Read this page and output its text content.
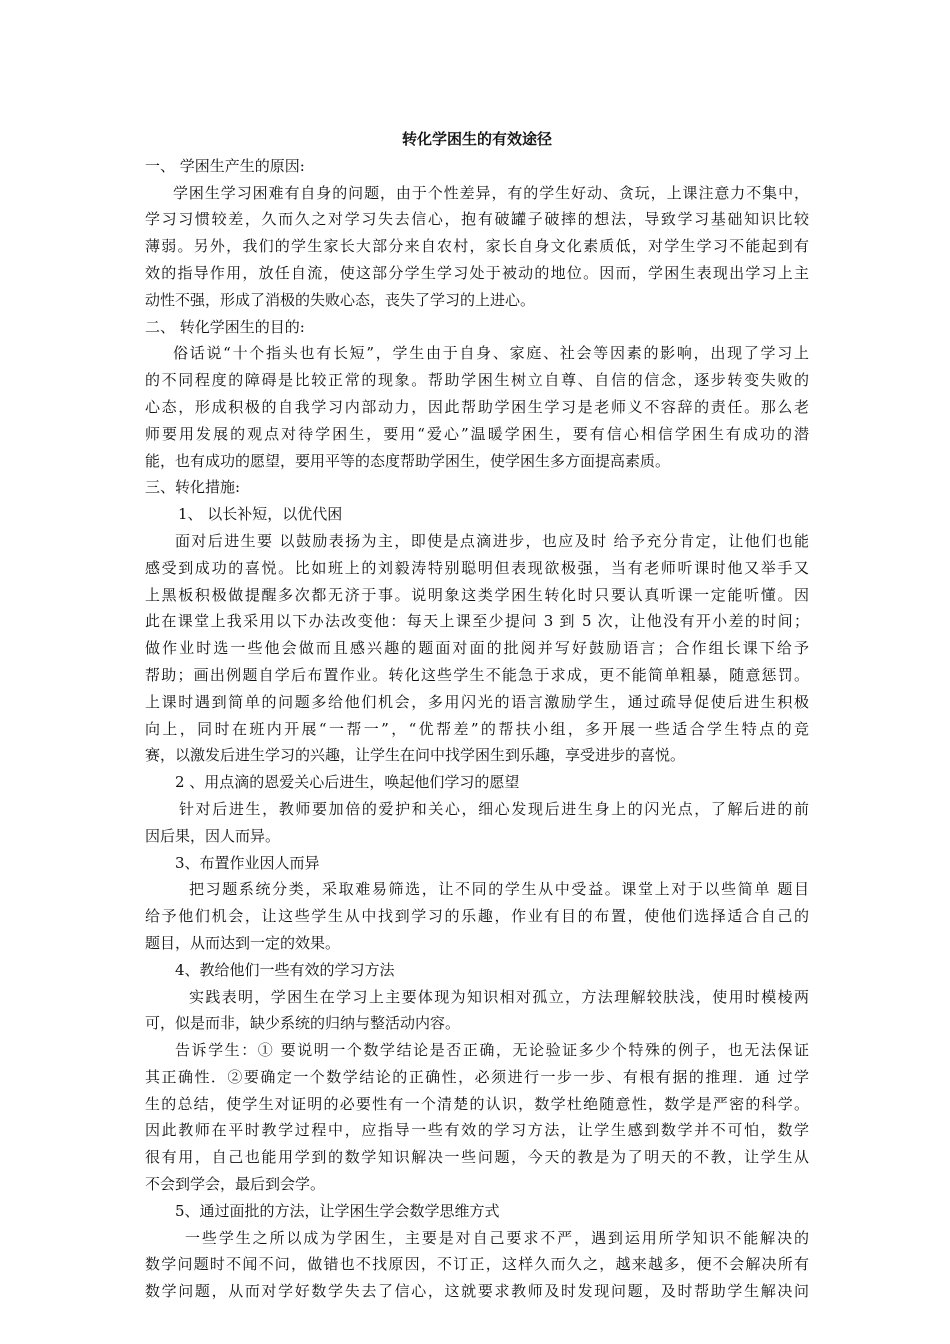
转化学困生的有效途径
一、 学困生产生的原因:
学困生学习困难有自身的问题，由于个性差异，有的学生好动、贪玩，上课注意力不集中，
学习习惯较差，久而久之对学习失去信心，抱有破罐子破摔的想法，导致学习基础知识比较
薄弱。另外，我们的学生家长大部分来自农村，家长自身文化素质低，对学生学习不能起到有
效的指导作用，放任自流，使这部分学生学习处于被动的地位。因而，学困生表现出学习上主
动性不强，形成了消极的失败心态，丧失了学习的上进心。
二、 转化学困生的目的:
俗话说“十个指头也有长短”，学生由于自身、家庭、社会等因素的影响，出现了学习上
的不同程度的障碍是比较正常的现象。帮助学困生树立自尊、自信的信念，逐步转变失败的
心态，形成积极的自我学习内部动力，因此帮助学困生学习是老师义不容辞的责任。那么老
师要用发展的观点对待学困生，要用“爱心”温暖学困生，要有信心相信学困生有成功的潜
能，也有成功的愿望，要用平等的态度帮助学困生，使学困生多方面提高素质。
三、转化措施:
1、 以长补短，以优代困
面对后进生要 以鼓励表扬为主，即使是点滴进步，也应及时 给予充分肯定，让他们也能
感受到成功的喜悦。比如班上的刘毅涛特别聪明但表现欲极强，当有老师听课时他又举手又
上黑板积极做提醒多次都无济于事。说明象这类学困生转化时只要认真听课一定能听懂。因
此在课堂上我采用以下办法改变他：每天上课至少提问 3 到 5 次，让他没有开小差的时间；
做作业时选一些他会做而且感兴趣的题面对面的批阅并写好鼓励语言；合作组长课下给予
帮助；画出例题自学后布置作业。转化这些学生不能急于求成，更不能简单粗暴，随意惩罚。
上课时遇到简单的问题多给他们机会，多用闪光的语言激励学生，通过疏导促使后进生积极
向上，同时在班内开展“一帮一”，“优帮差”的帮扶小组，多开展一些适合学生特点的竞
赛，以激发后进生学习的兴趣，让学生在问中找学困生到乐趣，享受进步的喜悦。
2 、用点滴的恩爱关心后进生，唤起他们学习的愿望
针对后进生，教师要加倍的爱护和关心，细心发现后进生身上的闪光点，了解后进的前
因后果，因人而异。
3、布置作业因人而异
把习题系统分类，采取难易筛选，让不同的学生从中受益。课堂上对于以些简单 题目
给予他们机会，让这些学生从中找到学习的乐趣，作业有目的布置，使他们选择适合自己的
题目，从而达到一定的效果。
4、教给他们一些有效的学习方法
实践表明，学困生在学习上主要体现为知识相对孤立，方法理解较肤浅，使用时模棱两
可，似是而非，缺少系统的归纳与整活动内容。
告诉学生：① 要说明一个数学结论是否正确，无论验证多少个特殊的例子，也无法保证
其正确性．②要确定一个数学结论的正确性，必须进行一步一步、有根有据的推理．通 过学
生的总结，使学生对证明的必要性有一个清楚的认识，数学杜绝随意性，数学是严密的科学。
因此教师在平时教学过程中，应指导一些有效的学习方法，让学生感到数学并不可怕，数学
很有用，自己也能用学到的数学知识解决一些问题，今天的教是为了明天的不教，让学生从
不会到学会，最后到会学。
5、通过面批的方法，让学困生学会数学思维方式
一些学生之所以成为学困生，主要是对自己要求不严，遇到运用所学知识不能解决的
数学问题时不闻不问，做错也不找原因，不订正，这样久而久之，越来越多，便不会解决所有
数学问题，从而对学好数学失去了信心，这就要求教师及时发现问题，及时帮助学生解决问
